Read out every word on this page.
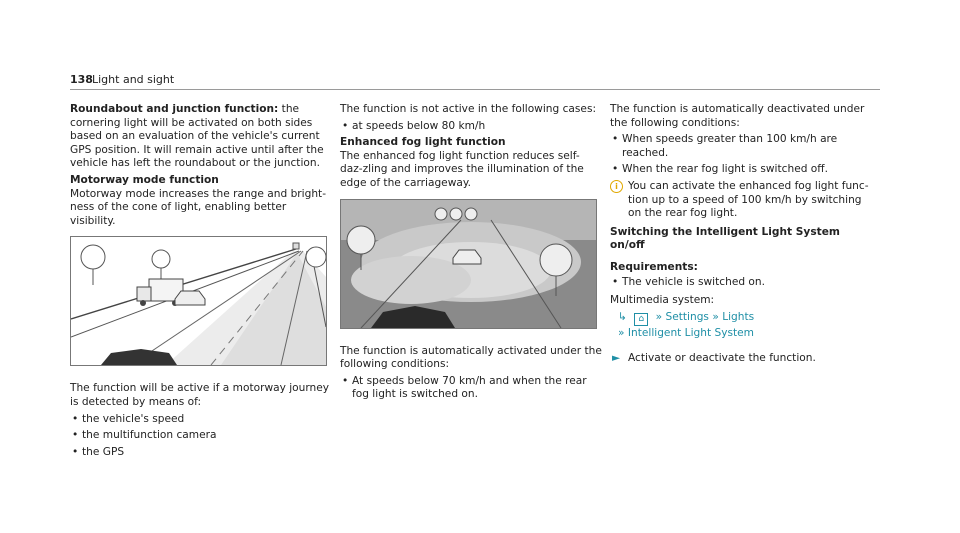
138 Light and sight

Roundabout and junction function: the cornering light will be activated on both sides based on an evaluation of the vehicle's current GPS position. It will remain active until after the vehicle has left the roundabout or the junction.

Motorway mode function

Motorway mode increases the range and bright-ness of the cone of light, enabling better visibility.

The function will be active if a motorway journey is detected by means of:

• the vehicle's speed
• the multifunction camera
• the GPS

The function is not active in the following cases:

• at speeds below 80 km/h

Enhanced fog light function

The enhanced fog light function reduces self-daz-zling and improves the illumination of the edge of the carriageway.

The function is automatically activated under the following conditions:

• At speeds below 70 km/h and when the rear fog light is switched on.

The function is automatically deactivated under the following conditions:

• When speeds greater than 100 km/h are reached.
• When the rear fog light is switched off.
i You can activate the enhanced fog light func-tion up to a speed of 100 km/h by switching on the rear fog light.

Switching the Intelligent Light System on/off

Requirements:

• The vehicle is switched on.

Multimedia system:

↳ ⌂ » Settings » Lights
» Intelligent Light System
► Activate or deactivate the function.
